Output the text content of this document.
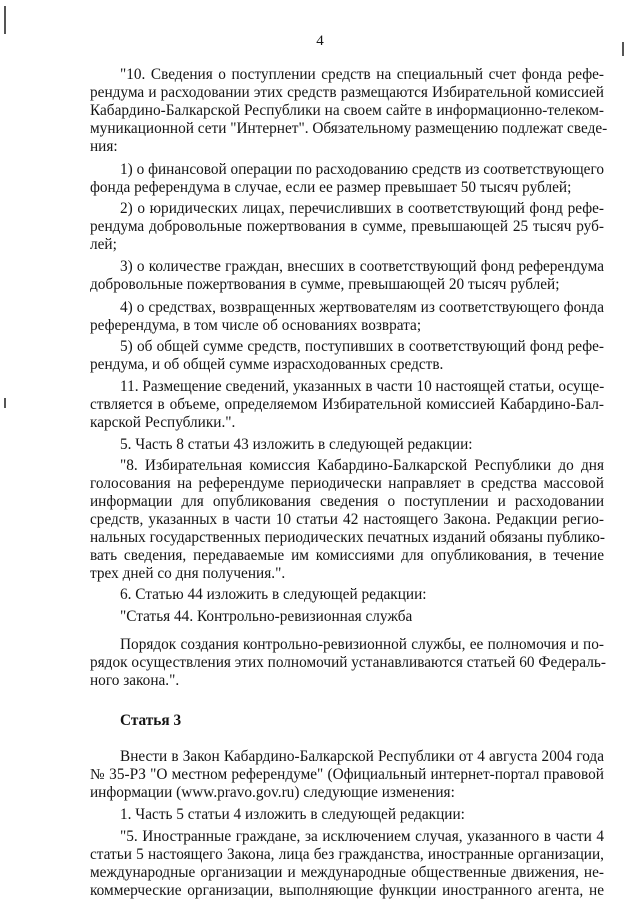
4
"10. Сведения о поступлении средств на специальный счет фонда рефе-
рендума и расходовании этих средств размещаются Избирательной комиссией
Кабардино-Балкарской Республики на своем сайте в информационно-телеком-
муникационной сети "Интернет". Обязательному размещению подлежат сведе-
ния:
1) о финансовой операции по расходованию средств из соответствующего
фонда референдума в случае, если ее размер превышает 50 тысяч рублей;
2) о юридических лицах, перечисливших в соответствующий фонд рефе-
рендума добровольные пожертвования в сумме, превышающей 25 тысяч руб-
лей;
3) о количестве граждан, внесших в соответствующий фонд референдума
добровольные пожертвования в сумме, превышающей 20 тысяч рублей;
4) о средствах, возвращенных жертвователям из соответствующего фонда
референдума, в том числе об основаниях возврата;
5) об общей сумме средств, поступивших в соответствующий фонд рефе-
рендума, и об общей сумме израсходованных средств.
11. Размещение сведений, указанных в части 10 настоящей статьи, осуще-
ствляется в объеме, определяемом Избирательной комиссией Кабардино-Бал-
карской Республики.".
5. Часть 8 статьи 43 изложить в следующей редакции:
"8. Избирательная комиссия Кабардино-Балкарской Республики до дня
голосования на референдуме периодически направляет в средства массовой
информации для опубликования сведения о поступлении и расходовании
средств, указанных в части 10 статьи 42 настоящего Закона. Редакции регио-
нальных государственных периодических печатных изданий обязаны публико-
вать сведения, передаваемые им комиссиями для опубликования, в течение
трех дней со дня получения.".
6. Статью 44 изложить в следующей редакции:
"Статья 44. Контрольно-ревизионная служба
Порядок создания контрольно-ревизионной службы, ее полномочия и по-
рядок осуществления этих полномочий устанавливаются статьей 60 Федераль-
ного закона.".
Статья 3
Внести в Закон Кабардино-Балкарской Республики от 4 августа 2004 года
№ 35-РЗ "О местном референдуме" (Официальный интернет-портал правовой
информации (www.pravo.gov.ru) следующие изменения:
1. Часть 5 статьи 4 изложить в следующей редакции:
"5. Иностранные граждане, за исключением случая, указанного в части 4
статьи 5 настоящего Закона, лица без гражданства, иностранные организации,
международные организации и международные общественные движения, не-
коммерческие организации, выполняющие функции иностранного агента, не
